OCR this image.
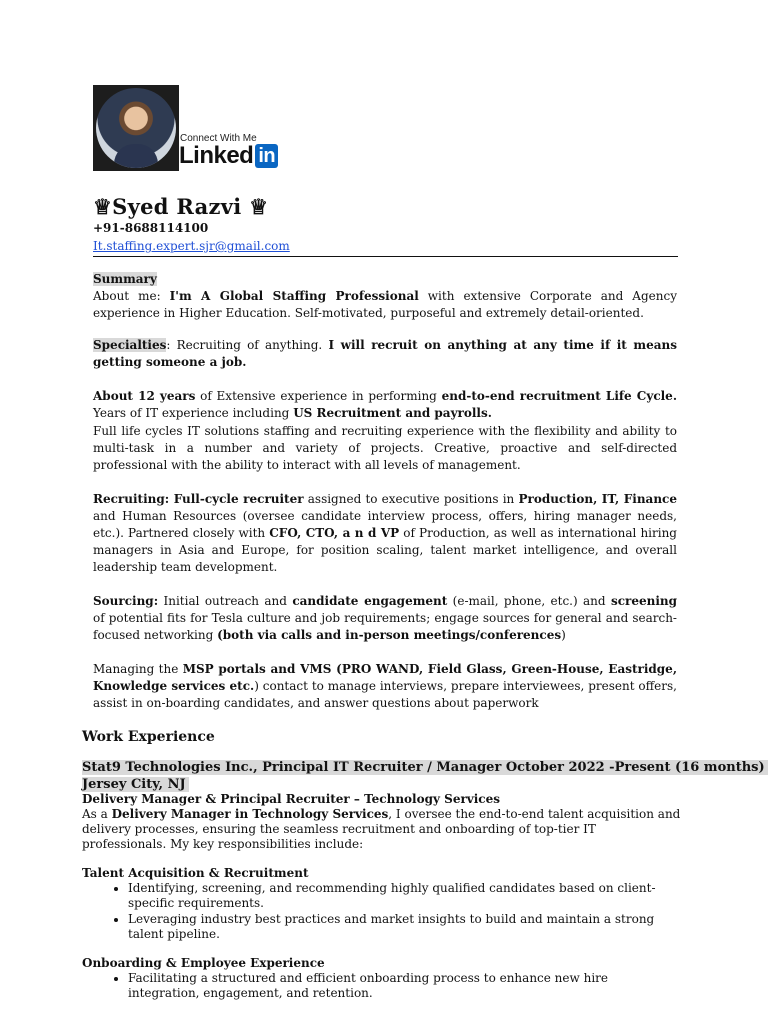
Connect With Me
Linked in
♕Syed Razvi ♕
+91-8688114100
It.staffing.expert.sjr@gmail.com
Summary
About me: I'm A Global Staffing Professional with extensive Corporate and Agency experience in Higher Education. Self-motivated, purposeful and extremely detail-oriented.
Specialties: Recruiting of anything. I will recruit on anything at any time if it means getting someone a job.
About 12 years of Extensive experience in performing end-to-end recruitment Life Cycle. Years of IT experience including US Recruitment and payrolls.
Full life cycles IT solutions staffing and recruiting experience with the flexibility and ability to multi-task in a number and variety of projects. Creative, proactive and self-directed professional with the ability to interact with all levels of management.
Recruiting: Full-cycle recruiter assigned to executive positions in Production, IT, Finance and Human Resources (oversee candidate interview process, offers, hiring manager needs, etc.). Partnered closely with CFO, CTO, a n d VP of Production, as well as international hiring managers in Asia and Europe, for position scaling, talent market intelligence, and overall leadership team development.
Sourcing: Initial outreach and candidate engagement (e-mail, phone, etc.) and screening of potential fits for Tesla culture and job requirements; engage sources for general and search-focused networking (both via calls and in-person meetings/conferences)
Managing the MSP portals and VMS (PRO WAND, Field Glass, Green-House, Eastridge, Knowledge services etc.) contact to manage interviews, prepare interviewees, present offers, assist in on-boarding candidates, and answer questions about paperwork
Work Experience
Stat9 Technologies Inc., Principal IT Recruiter / Manager October 2022 -Present (16 months)
Jersey City, NJ
Delivery Manager & Principal Recruiter – Technology Services
As a Delivery Manager in Technology Services, I oversee the end-to-end talent acquisition and delivery processes, ensuring the seamless recruitment and onboarding of top-tier IT professionals. My key responsibilities include:
Talent Acquisition & Recruitment
• Identifying, screening, and recommending highly qualified candidates based on client-specific requirements.
• Leveraging industry best practices and market insights to build and maintain a strong talent pipeline.
Onboarding & Employee Experience
• Facilitating a structured and efficient onboarding process to enhance new hire integration, engagement, and retention.
